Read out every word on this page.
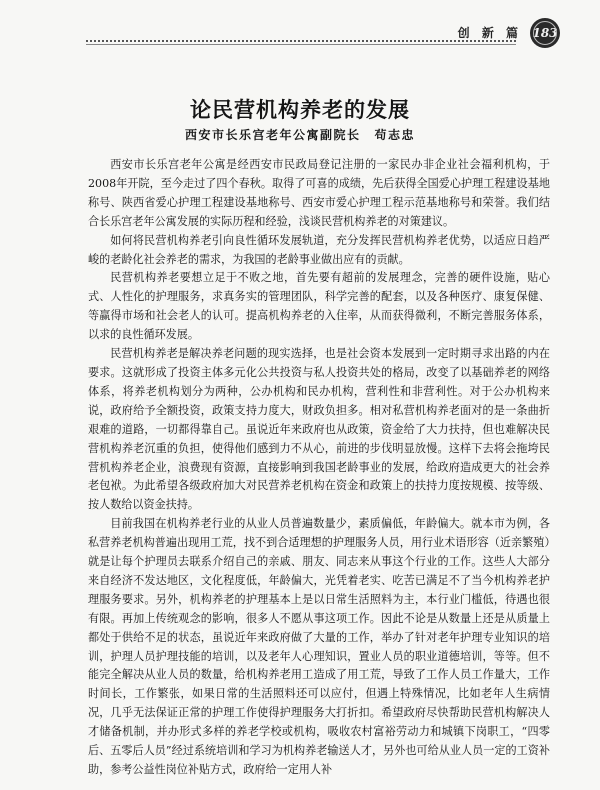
创 新 篇 183
论民营机构养老的发展
西安市长乐宫老年公寓副院长 茍志忠

西安市长乐宫老年公寓是经西安市民政局登记注册的一家民办非企业社会福利机构，于2008年开院，至今走过了四个春秋。取得了可喜的成绩，先后获得全国爱心护理工程建设基地称号、陕西省爱心护理工程建设基地称号、西安市爱心护理工程示范基地称号和荣誉。我们结合长乐宫老年公寓发展的实际历程和经验，浅谈民营机构养老的对策建议。

如何将民营机构养老引向良性循环发展轨道，充分发挥民营机构养老优势，以适应日趋严峻的老龄化社会养老的需求，为我国的老龄事业做出应有的贡献。

民营机构养老要想立足于不败之地，首先要有超前的发展理念，完善的硬件设施，贴心式、人性化的护理服务，求真务实的管理团队，科学完善的配套，以及各种医疗、康复保健、等赢得市场和社会老人的认可。提高机构养老的入住率，从而获得微利，不断完善服务体系，以求的良性循环发展。

民营机构养老是解决养老问题的现实选择，也是社会资本发展到一定时期寻求出路的内在要求。这就形成了投资主体多元化公共投资与私人投资共处的格局，改变了以基础养老的网络体系，将养老机构划分为两种，公办机构和民办机构，营利性和非营利性。对于公办机构来说，政府给予全额投资，政策支持力度大，财政负担多。相对私营机构养老面对的是一条曲折艰难的道路，一切都得靠自己。虽说近年来政府也从政策，资金给了大力扶持，但也难解决民营机构养老沉重的负担，使得他们感到力不从心，前进的步伐明显放慢。这样下去将会拖垮民营机构养老企业，浪费现有资源，直接影响到我国老龄事业的发展，给政府造成更大的社会养老包袱。为此希望各级政府加大对民营养老机构在资金和政策上的扶持力度按规模、按等级、按人数给以资金扶持。

目前我国在机构养老行业的从业人员普遍数量少，素质偏低，年龄偏大。就本市为例，各私营养老机构普遍出现用工荒，找不到合适理想的护理服务人员，用行业术语形容（近亲繁殖）就是让每个护理员去联系介绍自己的亲戚、朋友、同志来从事这个行业的工作。这些人大部分来自经济不发达地区，文化程度低，年龄偏大，光凭着老实、吃苦已满足不了当今机构养老护理服务要求。另外，机构养老的护理基本上是以日常生活照料为主，本行业门槛低，待遇也很有限。再加上传统观念的影响，很多人不愿从事这项工作。因此不论是从数量上还是从质量上都处于供给不足的状态，虽说近年来政府做了大量的工作，举办了针对老年护理专业知识的培训，护理人员护理技能的培训，以及老年人心理知识，置业人员的职业道德培训，等等。但不能完全解决从业人员的数量，给机构养老用工造成了用工荒，导致了工作人员工作量大，工作时间长，工作繁张，如果日常的生活照料还可以应付，但遇上特殊情况，比如老年人生病情况，几乎无法保证正常的护理工作使得护理服务大打折扣。希望政府尽快帮助民营机构解决人才储备机制，并办形式多样的养老学校或机构，吸收农村富裕劳动力和城镇下岗职工，“四零后、五零后人员”经过系统培训和学习为机构养老输送人才，另外也可给从业人员一定的工资补助，参考公益性岗位补贴方式，政府给一定用人补
